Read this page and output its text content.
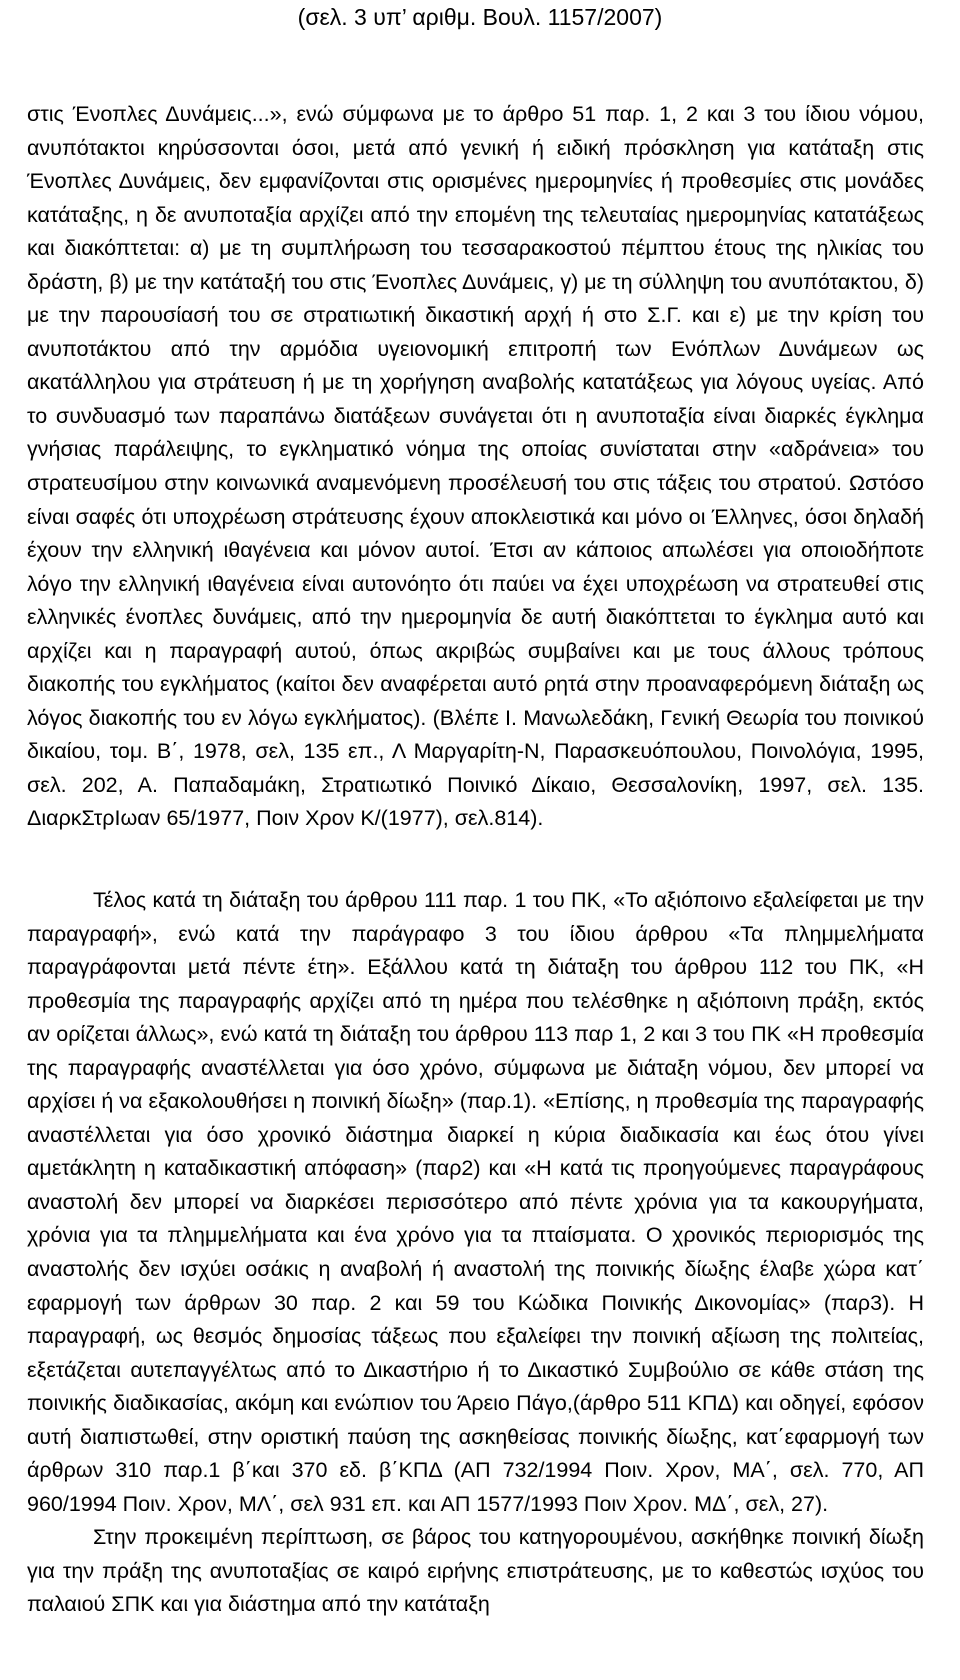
(σελ. 3 υπ’ αριθμ. Βουλ. 1157/2007)

στις Ένοπλες Δυνάμεις...», ενώ σύμφωνα με το άρθρο 51 παρ. 1, 2 και 3 του ίδιου νόμου, ανυπότακτοι κηρύσσονται όσοι, μετά από γενική ή ειδική πρόσκληση για κατάταξη στις Ένοπλες Δυνάμεις, δεν εμφανίζονται στις ορισμένες ημερομηνίες ή προθεσμίες στις μονάδες κατάταξης, η δε ανυποταξία αρχίζει από την επομένη της τελευταίας ημερομηνίας κατατάξεως και διακόπτεται: α) με τη συμπλήρωση του τεσσαρακοστού πέμπτου έτους της ηλικίας του δράστη, β) με την κατάταξή του στις Ένοπλες Δυνάμεις, γ) με τη σύλληψη του ανυπότακτου, δ) με την παρουσίασή του σε στρατιωτική δικαστική αρχή ή στο Σ.Γ. και ε) με την κρίση του ανυποτάκτου από την αρμόδια υγειονομική επιτροπή των Ενόπλων Δυνάμεων ως ακατάλληλου για στράτευση ή με τη χορήγηση αναβολής κατατάξεως για λόγους υγείας. Από το συνδυασμό των παραπάνω διατάξεων συνάγεται ότι η ανυποταξία είναι διαρκές έγκλημα γνήσιας παράλειψης, το εγκληματικό νόημα της οποίας συνίσταται στην «αδράνεια» του στρατευσίμου στην κοινωνικά αναμενόμενη προσέλευσή του στις τάξεις του στρατού. Ωστόσο είναι σαφές ότι υποχρέωση στράτευσης έχουν αποκλειστικά και μόνο οι Έλληνες, όσοι δηλαδή έχουν την ελληνική ιθαγένεια και μόνον αυτοί. Έτσι αν κάποιος απωλέσει για οποιοδήποτε λόγο την ελληνική ιθαγένεια είναι αυτονόητο ότι παύει να έχει υποχρέωση να στρατευθεί στις ελληνικές ένοπλες δυνάμεις, από την ημερομηνία δε αυτή διακόπτεται το έγκλημα αυτό και αρχίζει και η παραγραφή αυτού, όπως ακριβώς συμβαίνει και με τους άλλους τρόπους διακοπής του εγκλήματος (καίτοι δεν αναφέρεται αυτό ρητά στην προαναφερόμενη διάταξη ως λόγος διακοπής του εν λόγω εγκλήματος). (Βλέπε Ι. Μανωλεδάκη, Γενική Θεωρία του ποινικού δικαίου, τομ. Β΄, 1978, σελ, 135 επ., Λ Μαργαρίτη-Ν, Παρασκευόπουλου, Ποινολόγια, 1995, σελ. 202, Α. Παπαδαμάκη, Στρατιωτικό Ποινικό Δίκαιο, Θεσσαλονίκη, 1997, σελ. 135. ΔιαρκΣτρΙωαν 65/1977, Ποιν Χρον Κ/(1977), σελ.814).

Τέλος κατά τη διάταξη του άρθρου 111 παρ. 1 του ΠΚ, «Το αξιόποινο εξαλείφεται με την παραγραφή», ενώ κατά την παράγραφο 3 του ίδιου άρθρου «Τα πλημμελήματα παραγράφονται μετά πέντε έτη». Εξάλλου κατά τη διάταξη του άρθρου 112 του ΠΚ, «Η προθεσμία της παραγραφής αρχίζει από τη ημέρα που τελέσθηκε η αξιόποινη πράξη, εκτός αν ορίζεται άλλως», ενώ κατά τη διάταξη του άρθρου 113 παρ 1, 2 και 3 του ΠΚ «Η προθεσμία της παραγραφής αναστέλλεται για όσο χρόνο, σύμφωνα με διάταξη νόμου, δεν μπορεί να αρχίσει ή να εξακολουθήσει η ποινική δίωξη» (παρ.1). «Επίσης, η προθεσμία της παραγραφής αναστέλλεται για όσο χρονικό διάστημα διαρκεί η κύρια διαδικασία και έως ότου γίνει αμετάκλητη η καταδικαστική απόφαση» (παρ2) και «Η κατά τις προηγούμενες παραγράφους αναστολή δεν μπορεί να διαρκέσει περισσότερο από πέντε χρόνια για τα κακουργήματα, χρόνια για τα πλημμελήματα και ένα χρόνο για τα πταίσματα. Ο χρονικός περιορισμός της αναστολής δεν ισχύει οσάκις η αναβολή ή αναστολή της ποινικής δίωξης έλαβε χώρα κατ΄ εφαρμογή των άρθρων 30 παρ. 2 και 59 του Κώδικα Ποινικής Δικονομίας» (παρ3). Η παραγραφή, ως θεσμός δημοσίας τάξεως που εξαλείφει την ποινική αξίωση της πολιτείας, εξετάζεται αυτεπαγγέλτως από το Δικαστήριο ή το Δικαστικό Συμβούλιο σε κάθε στάση της ποινικής διαδικασίας, ακόμη και ενώπιον του Άρειο Πάγο,(άρθρο 511 ΚΠΔ) και οδηγεί, εφόσον αυτή διαπιστωθεί, στην οριστική παύση της ασκηθείσας ποινικής δίωξης, κατ΄εφαρμογή των άρθρων 310 παρ.1 β΄και 370 εδ. β΄ΚΠΔ (ΑΠ 732/1994 Ποιν. Χρον, ΜΑ΄, σελ. 770, ΑΠ 960/1994 Ποιν. Χρον, ΜΛ΄, σελ 931 επ. και ΑΠ 1577/1993 Ποιν Χρον. ΜΔ΄, σελ, 27).
Στην προκειμένη περίπτωση, σε βάρος του κατηγορουμένου, ασκήθηκε ποινική δίωξη για την πράξη της ανυποταξίας σε καιρό ειρήνης επιστράτευσης, με το καθεστώς ισχύος του παλαιού ΣΠΚ και για διάστημα από την κατάταξη
